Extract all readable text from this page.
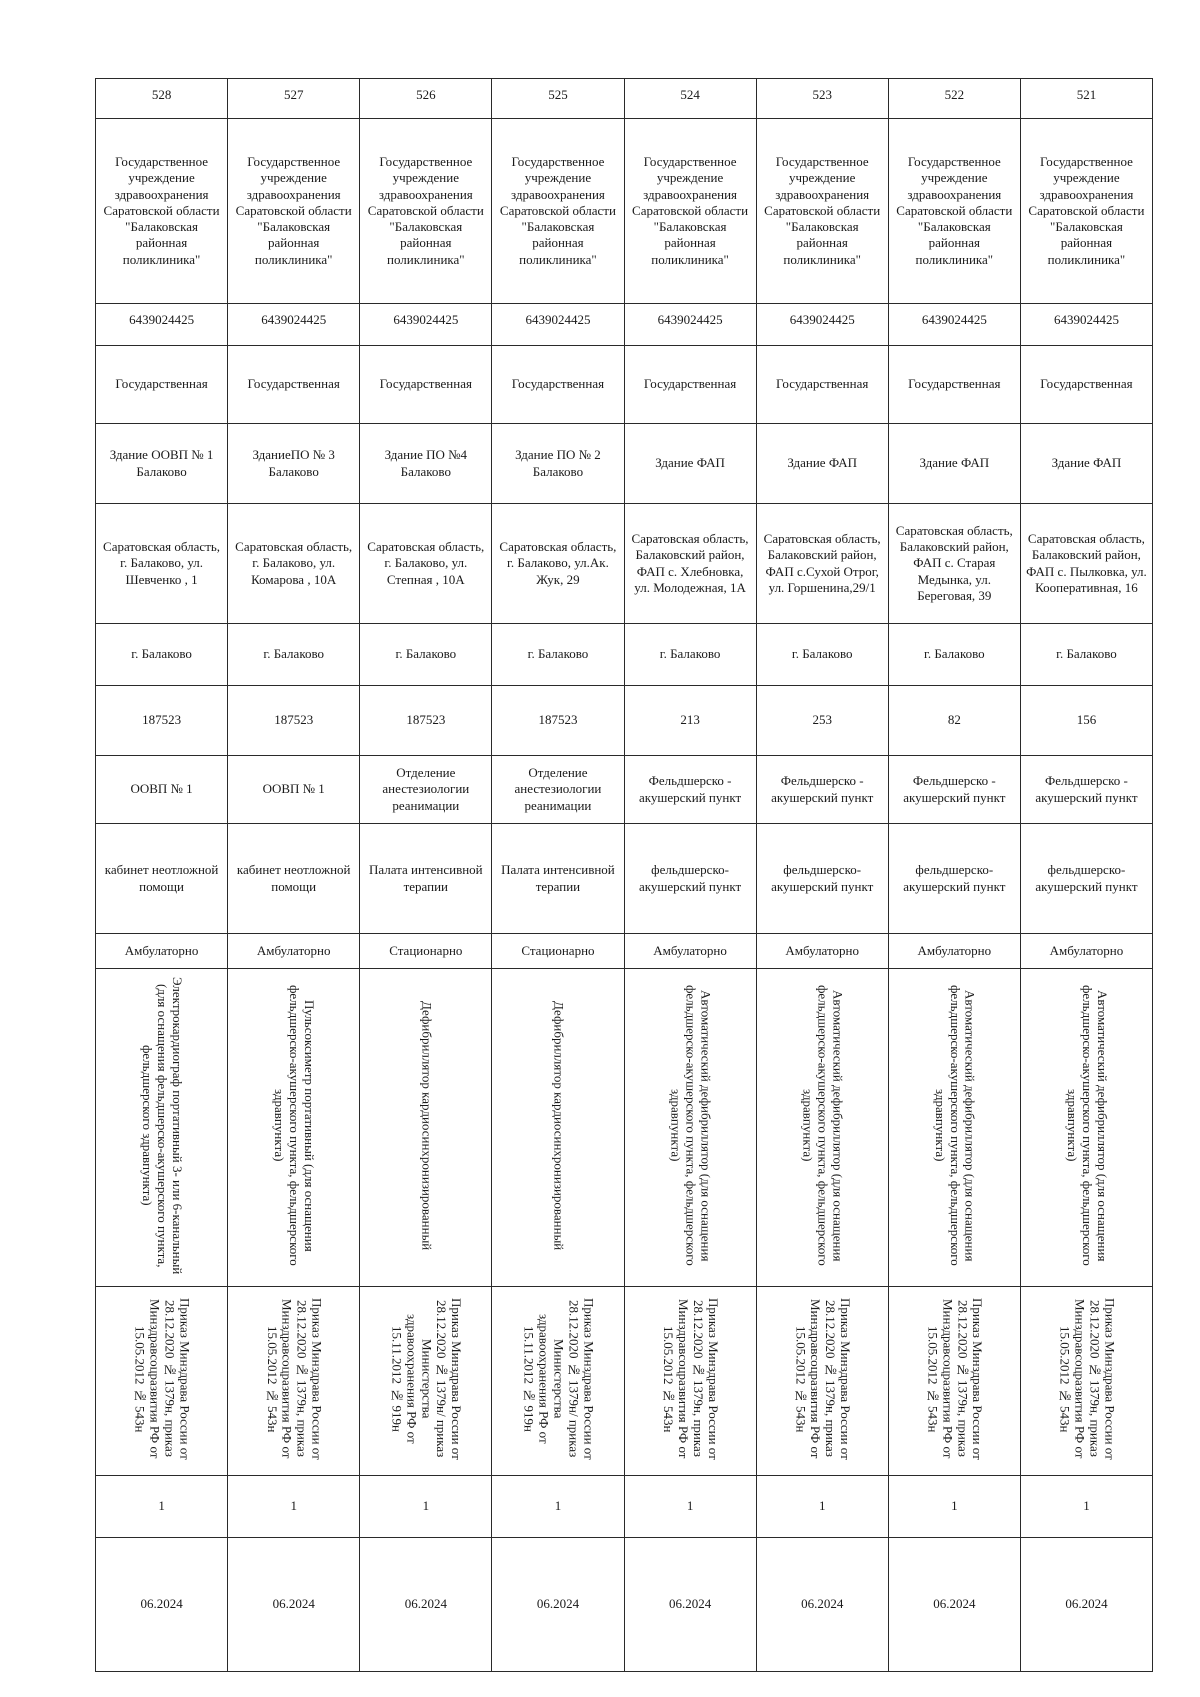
528	527	526	525	524	523	522	521
Государственное учреждение здравоохранения Саратовской области "Балаковская районная поликлиника"	Государственное учреждение здравоохранения Саратовской области "Балаковская районная поликлиника"	Государственное учреждение здравоохранения Саратовской области "Балаковская районная поликлиника"	Государственное учреждение здравоохранения Саратовской области "Балаковская районная поликлиника"	Государственное учреждение здравоохранения Саратовской области "Балаковская районная поликлиника"	Государственное учреждение здравоохранения Саратовской области "Балаковская районная поликлиника"	Государственное учреждение здравоохранения Саратовской области "Балаковская районная поликлиника"	Государственное учреждение здравоохранения Саратовской области "Балаковская районная поликлиника"
6439024425	6439024425	6439024425	6439024425	6439024425	6439024425	6439024425	6439024425
Государственная	Государственная	Государственная	Государственная	Государственная	Государственная	Государственная	Государственная
Здание ООВП № 1 Балаково	ЗданиеПО № 3 Балаково	Здание ПО №4 Балаково	Здание ПО № 2 Балаково	Здание ФАП	Здание ФАП	Здание ФАП	Здание ФАП
Саратовская область, г. Балаково, ул. Шевченко , 1	Саратовская область, г. Балаково, ул. Комарова , 10А	Саратовская область, г. Балаково, ул. Степная , 10А	Саратовская область, г. Балаково, ул.Ак. Жук, 29	Саратовская область, Балаковский район, ФАП с. Хлебновка, ул. Молодежная, 1А	Саратовская область, Балаковский район, ФАП с.Сухой Отрог, ул. Горшенина,29/1	Саратовская область, Балаковский район, ФАП с. Старая Медынка, ул. Береговая, 39	Саратовская область, Балаковский район, ФАП с. Пылковка, ул. Кооперативная, 16
г. Балаково	г. Балаково	г. Балаково	г. Балаково	г. Балаково	г. Балаково	г. Балаково	г. Балаково
187523	187523	187523	187523	213	253	82	156
ООВП № 1	ООВП № 1	Отделение анестезиологии реанимации	Отделение анестезиологии реанимации	Фельдшерско - акушерский пункт	Фельдшерско - акушерский пункт	Фельдшерско - акушерский пункт	Фельдшерско - акушерский пункт
кабинет неотложной помощи	кабинет неотложной помощи	Палата интенсивной терапии	Палата интенсивной терапии	фельдшерско-акушерский пункт	фельдшерско-акушерский пункт	фельдшерско-акушерский пункт	фельдшерско-акушерский пункт
Амбулаторно	Амбулаторно	Стационарно	Стационарно	Амбулаторно	Амбулаторно	Амбулаторно	Амбулаторно
Электрокардиограф портативный 3- или 6-канальный (для оснащения фельдшерско-акушерского пункта, фельдшерского здравпункта)	Пульсоксиметр портативный (для оснащения фельдшерско-акушерского пункта, фельдшерского здравпункта)	Дефибриллятор кардиосинхронизированный	Дефибриллятор кардиосинхронизированный	Автоматический дефибриллятор (для оснащения фельдшерско-акушерского пункта, фельдшерского здравпункта)	Автоматический дефибриллятор (для оснащения фельдшерско-акушерского пункта, фельдшерского здравпункта)	Автоматический дефибриллятор (для оснащения фельдшерско-акушерского пункта, фельдшерского здравпункта)	Автоматический дефибриллятор (для оснащения фельдшерско-акушерского пункта, фельдшерского здравпункта)
Приказ Минздрава России от 28.12.2020 № 1379н, приказ Минздравсоцразвития РФ от 15.05.2012 № 543н	Приказ Минздрава России от 28.12.2020 № 1379н, приказ Минздравсоцразвития РФ от 15.05.2012 № 543н	Приказ Минздрава России от 28.12.2020 № 1379н/ приказ Министерства здравоохранения РФ от 15.11.2012 № 919н	Приказ Минздрава России от 28.12.2020 № 1379н/ приказ Министерства здравоохранения РФ от 15.11.2012 № 919н	Приказ Минздрава России от 28.12.2020 № 1379н, приказ Минздравсоцразвития РФ от 15.05.2012 № 543н	Приказ Минздрава России от 28.12.2020 № 1379н, приказ Минздравсоцразвития РФ от 15.05.2012 № 543н	Приказ Минздрава России от 28.12.2020 № 1379н, приказ Минздравсоцразвития РФ от 15.05.2012 № 543н	Приказ Минздрава России от 28.12.2020 № 1379н, приказ Минздравсоцразвития РФ от 15.05.2012 № 543н
1	1	1	1	1	1	1	1
06.2024	06.2024	06.2024	06.2024	06.2024	06.2024	06.2024	06.2024
